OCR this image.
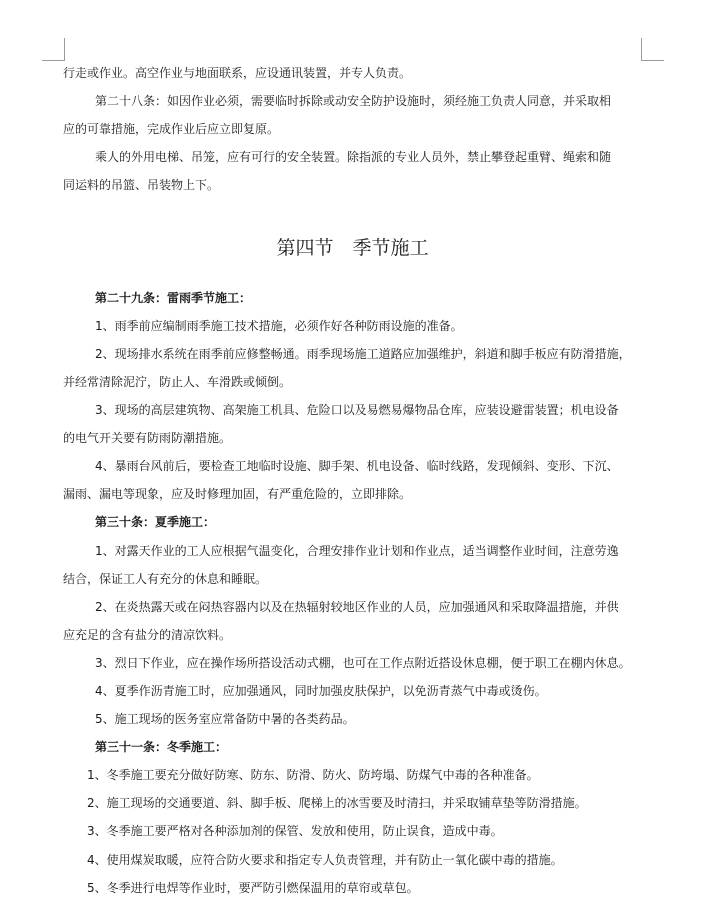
行走或作业。高空作业与地面联系，应设通讯装置，并专人负责。
第二十八条：如因作业必须，需要临时拆除或动安全防护设施时，须经施工负责人同意，并采取相
应的可靠措施，完成作业后应立即复原。
乘人的外用电梯、吊笼，应有可行的安全装置。除指派的专业人员外，禁止攀登起重臂、绳索和随
同运料的吊篮、吊装物上下。
第四节　季节施工
第二十九条：雷雨季节施工：
1、雨季前应编制雨季施工技术措施，必须作好各种防雨设施的准备。
2、现场排水系统在雨季前应修整畅通。雨季现场施工道路应加强维护，斜道和脚手板应有防滑措施，
并经常清除泥泞，防止人、车滑跌或倾倒。
3、现场的高层建筑物、高架施工机具、危险口以及易燃易爆物品仓库，应装设避雷装置；机电设备
的电气开关要有防雨防潮措施。
4、暴雨台风前后，要检查工地临时设施、脚手架、机电设备、临时线路，发现倾斜、变形、下沉、
漏雨、漏电等现象，应及时修理加固，有严重危险的，立即排除。
第三十条：夏季施工：
1、对露天作业的工人应根据气温变化，合理安排作业计划和作业点，适当调整作业时间，注意劳逸
结合，保证工人有充分的休息和睡眠。
2、在炎热露天或在闷热容器内以及在热辐射较地区作业的人员，应加强通风和采取降温措施，并供
应充足的含有盐分的清凉饮料。
3、烈日下作业，应在操作场所搭设活动式棚，也可在工作点附近搭设休息棚，便于职工在棚内休息。
4、夏季作沥青施工时，应加强通风，同时加强皮肤保护，以免沥青蒸气中毒或烫伤。
5、施工现场的医务室应常备防中暑的各类药品。
第三十一条：冬季施工：
1、冬季施工要充分做好防寒、防东、防滑、防火、防垮塌、防煤气中毒的各种准备。
2、施工现场的交通要道、斜、脚手板、爬梯上的冰雪要及时清扫，并采取铺草垫等防滑措施。
3、冬季施工要严格对各种添加剂的保管、发放和使用，防止误食，造成中毒。
4、使用煤炭取暖，应符合防火要求和指定专人负责管理，并有防止一氧化碳中毒的措施。
5、冬季进行电焊等作业时，要严防引燃保温用的草帘或草包。
